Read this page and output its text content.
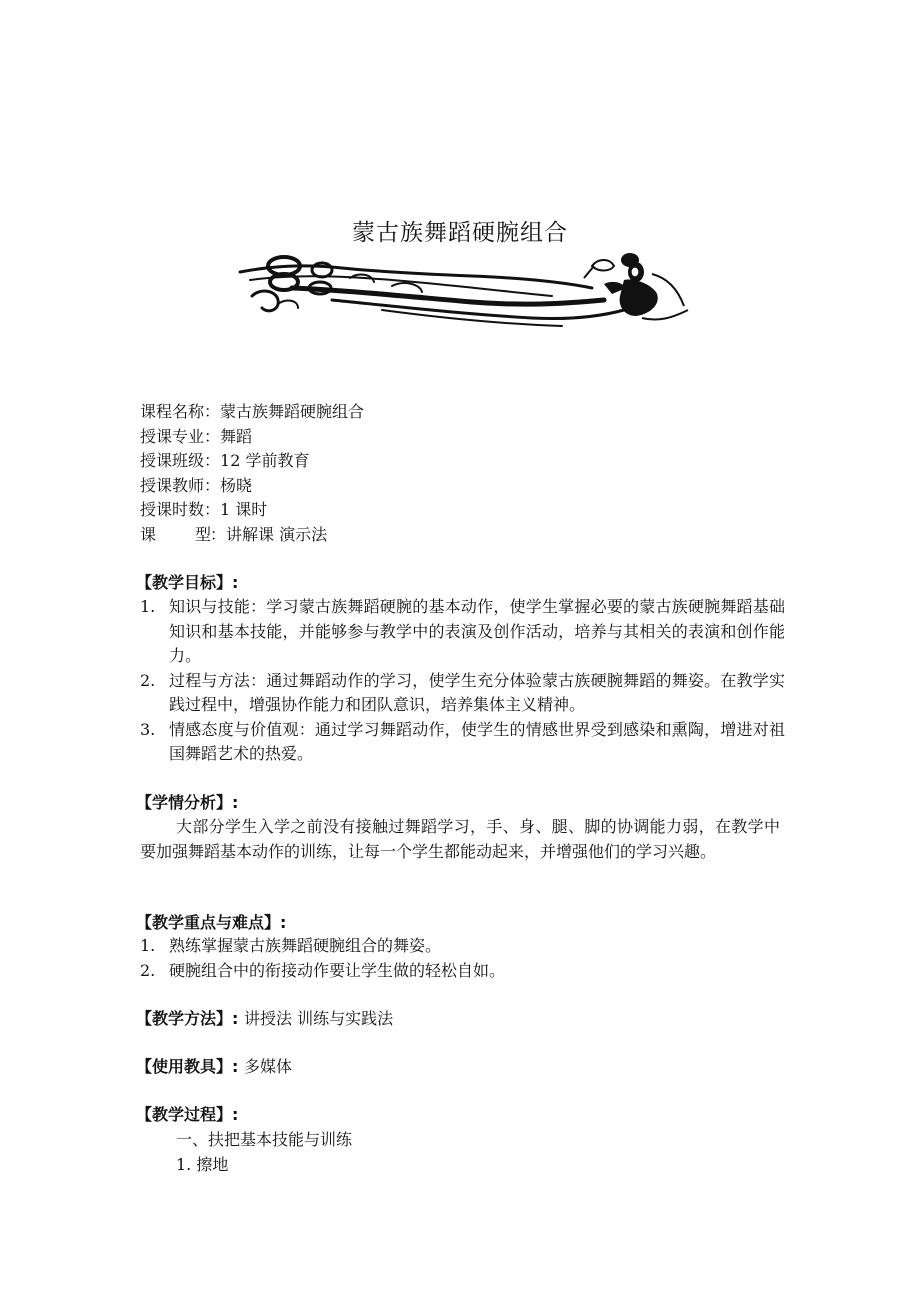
蒙古族舞蹈硬腕组合
课程名称：蒙古族舞蹈硬腕组合
授课专业：舞蹈
授课班级：12 学前教育
授课教师：杨晓
授课时数：1 课时
课 型：讲解课 演示法
【教学目标】:
1. 知识与技能：学习蒙古族舞蹈硬腕的基本动作，使学生掌握必要的蒙古族硬腕舞蹈基础知识和基本技能，并能够参与教学中的表演及创作活动，培养与其相关的表演和创作能力。
2. 过程与方法：通过舞蹈动作的学习，使学生充分体验蒙古族硬腕舞蹈的舞姿。在教学实践过程中，增强协作能力和团队意识，培养集体主义精神。
3. 情感态度与价值观：通过学习舞蹈动作，使学生的情感世界受到感染和熏陶，增进对祖国舞蹈艺术的热爱。
【学情分析】:
大部分学生入学之前没有接触过舞蹈学习，手、身、腿、脚的协调能力弱，在教学中要加强舞蹈基本动作的训练，让每一个学生都能动起来，并增强他们的学习兴趣。
【教学重点与难点】:
1. 熟练掌握蒙古族舞蹈硬腕组合的舞姿。
2. 硬腕组合中的衔接动作要让学生做的轻松自如。
【教学方法】: 讲授法 训练与实践法
【使用教具】: 多媒体
【教学过程】:
一、扶把基本技能与训练
1. 擦地
